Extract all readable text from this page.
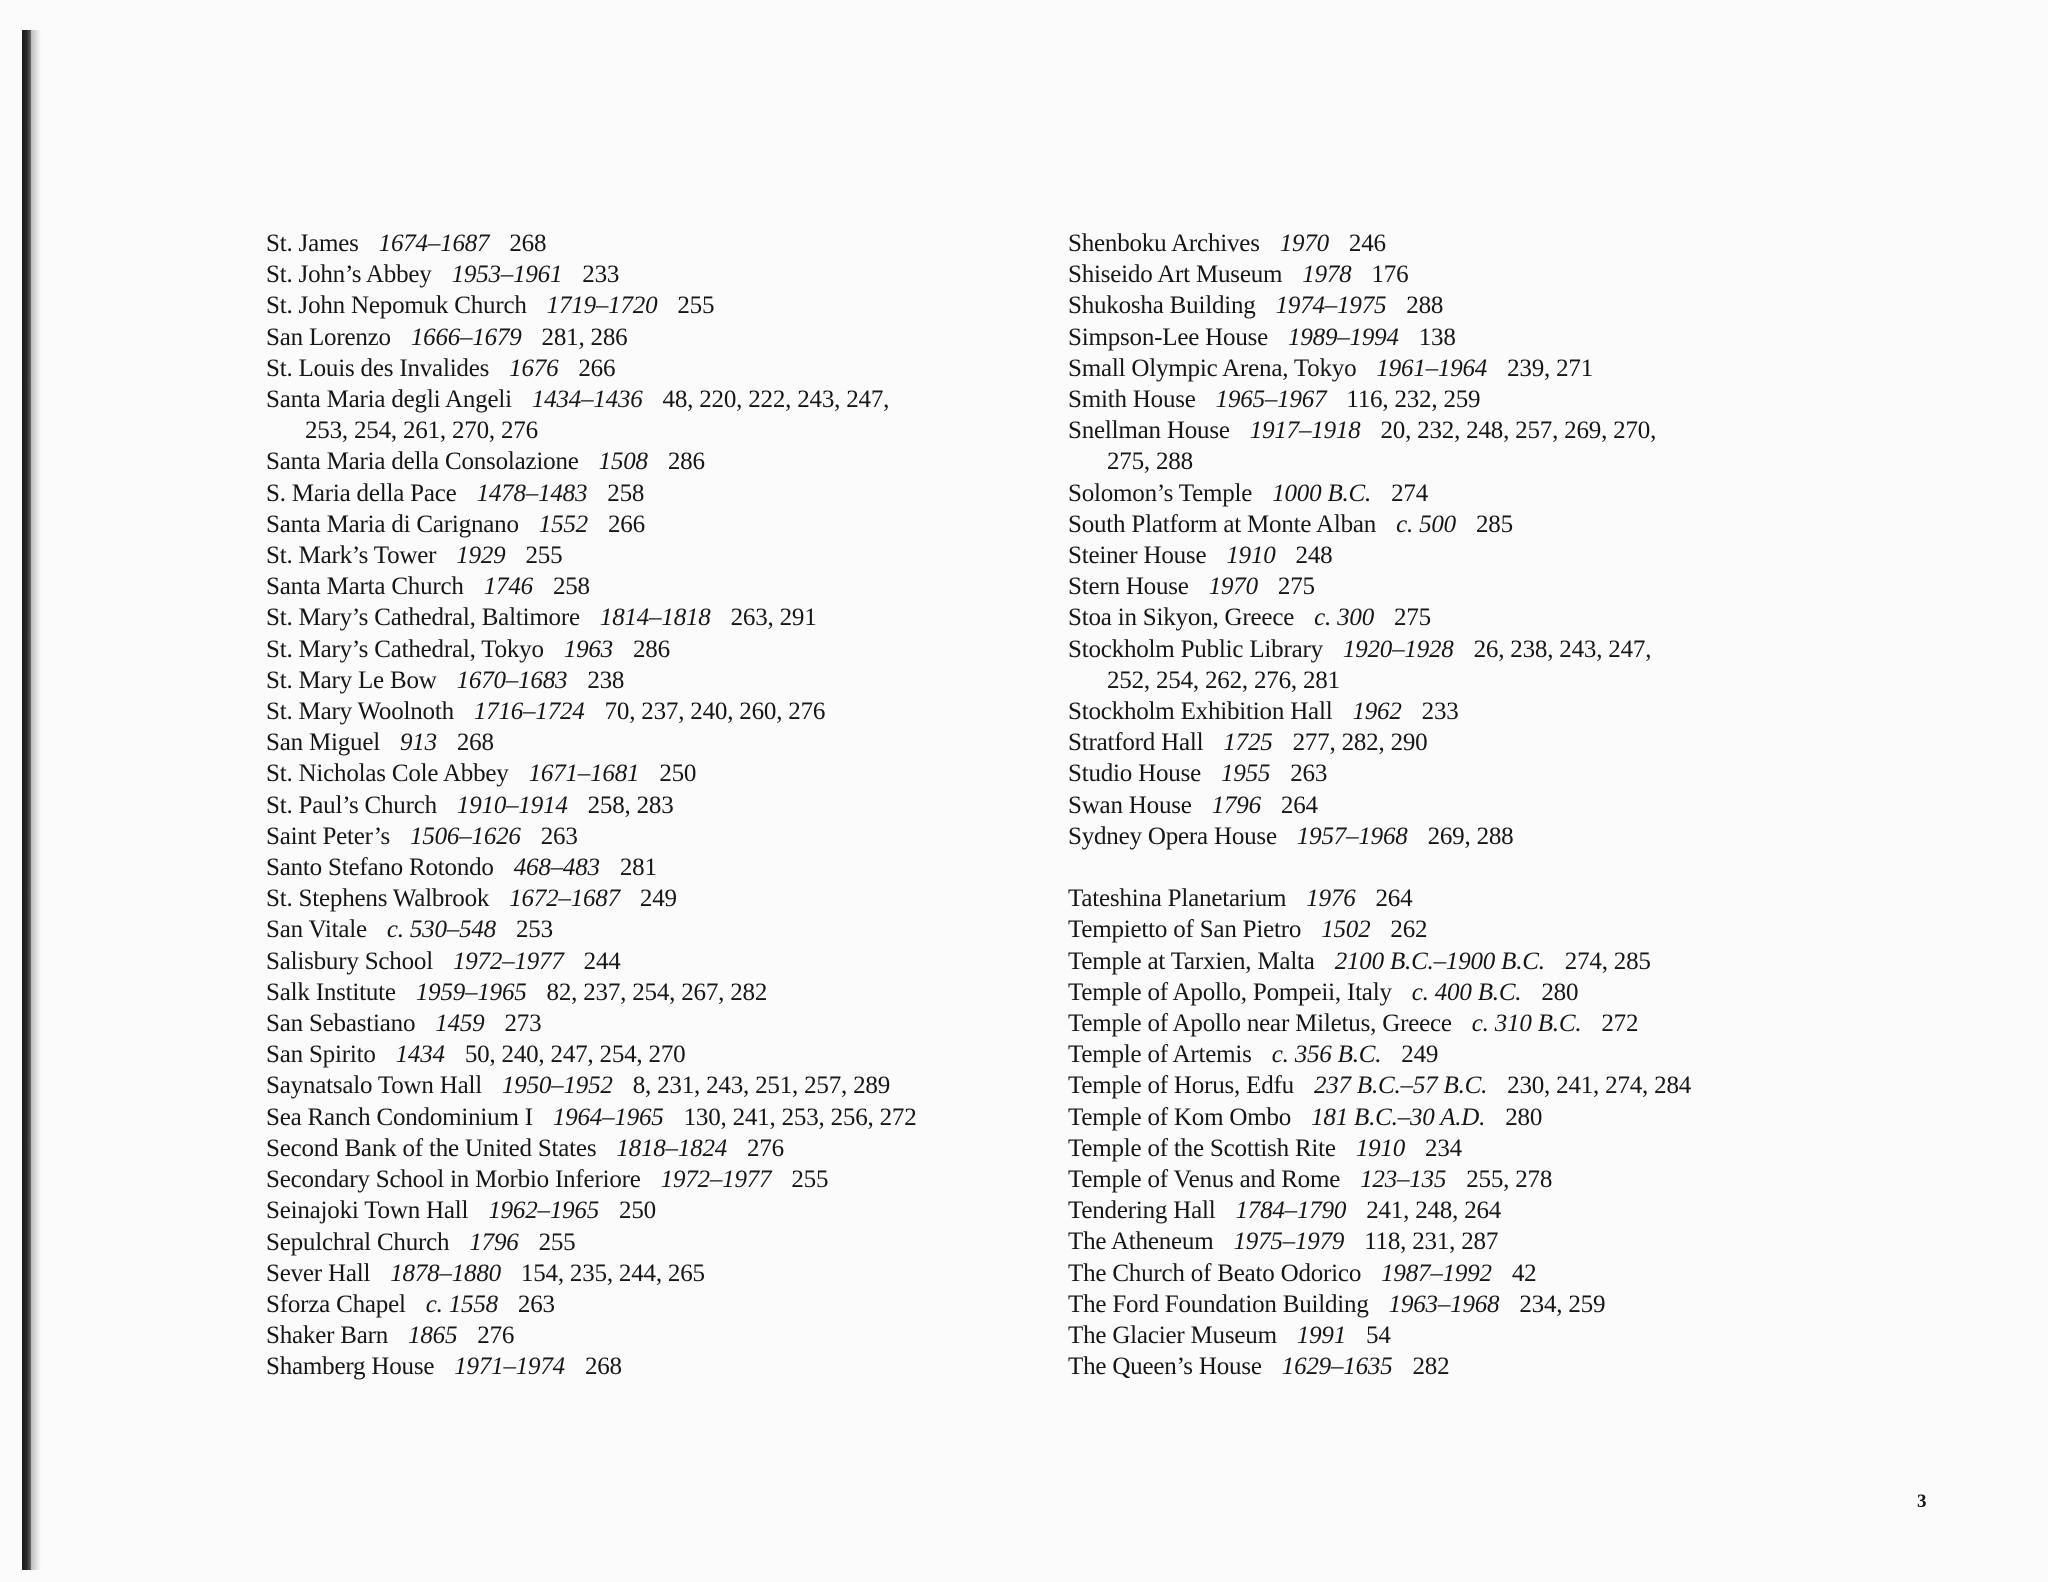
St. James 1674–1687 268
St. John’s Abbey 1953–1961 233
St. John Nepomuk Church 1719–1720 255
San Lorenzo 1666–1679 281, 286
St. Louis des Invalides 1676 266
Santa Maria degli Angeli 1434–1436 48, 220, 222, 243, 247,
253, 254, 261, 270, 276
Santa Maria della Consolazione 1508 286
S. Maria della Pace 1478–1483 258
Santa Maria di Carignano 1552 266
St. Mark’s Tower 1929 255
Santa Marta Church 1746 258
St. Mary’s Cathedral, Baltimore 1814–1818 263, 291
St. Mary’s Cathedral, Tokyo 1963 286
St. Mary Le Bow 1670–1683 238
St. Mary Woolnoth 1716–1724 70, 237, 240, 260, 276
San Miguel 913 268
St. Nicholas Cole Abbey 1671–1681 250
St. Paul’s Church 1910–1914 258, 283
Saint Peter’s 1506–1626 263
Santo Stefano Rotondo 468–483 281
St. Stephens Walbrook 1672–1687 249
San Vitale c. 530–548 253
Salisbury School 1972–1977 244
Salk Institute 1959–1965 82, 237, 254, 267, 282
San Sebastiano 1459 273
San Spirito 1434 50, 240, 247, 254, 270
Saynatsalo Town Hall 1950–1952 8, 231, 243, 251, 257, 289
Sea Ranch Condominium I 1964–1965 130, 241, 253, 256, 272
Second Bank of the United States 1818–1824 276
Secondary School in Morbio Inferiore 1972–1977 255
Seinajoki Town Hall 1962–1965 250
Sepulchral Church 1796 255
Sever Hall 1878–1880 154, 235, 244, 265
Sforza Chapel c. 1558 263
Shaker Barn 1865 276
Shamberg House 1971–1974 268
Shenboku Archives 1970 246
Shiseido Art Museum 1978 176
Shukosha Building 1974–1975 288
Simpson-Lee House 1989–1994 138
Small Olympic Arena, Tokyo 1961–1964 239, 271
Smith House 1965–1967 116, 232, 259
Snellman House 1917–1918 20, 232, 248, 257, 269, 270,
275, 288
Solomon’s Temple 1000 B.C. 274
South Platform at Monte Alban c. 500 285
Steiner House 1910 248
Stern House 1970 275
Stoa in Sikyon, Greece c. 300 275
Stockholm Public Library 1920–1928 26, 238, 243, 247,
252, 254, 262, 276, 281
Stockholm Exhibition Hall 1962 233
Stratford Hall 1725 277, 282, 290
Studio House 1955 263
Swan House 1796 264
Sydney Opera House 1957–1968 269, 288
Tateshina Planetarium 1976 264
Tempietto of San Pietro 1502 262
Temple at Tarxien, Malta 2100 B.C.–1900 B.C. 274, 285
Temple of Apollo, Pompeii, Italy c. 400 B.C. 280
Temple of Apollo near Miletus, Greece c. 310 B.C. 272
Temple of Artemis c. 356 B.C. 249
Temple of Horus, Edfu 237 B.C.–57 B.C. 230, 241, 274, 284
Temple of Kom Ombo 181 B.C.–30 A.D. 280
Temple of the Scottish Rite 1910 234
Temple of Venus and Rome 123–135 255, 278
Tendering Hall 1784–1790 241, 248, 264
The Atheneum 1975–1979 118, 231, 287
The Church of Beato Odorico 1987–1992 42
The Ford Foundation Building 1963–1968 234, 259
The Glacier Museum 1991 54
The Queen’s House 1629–1635 282
3
